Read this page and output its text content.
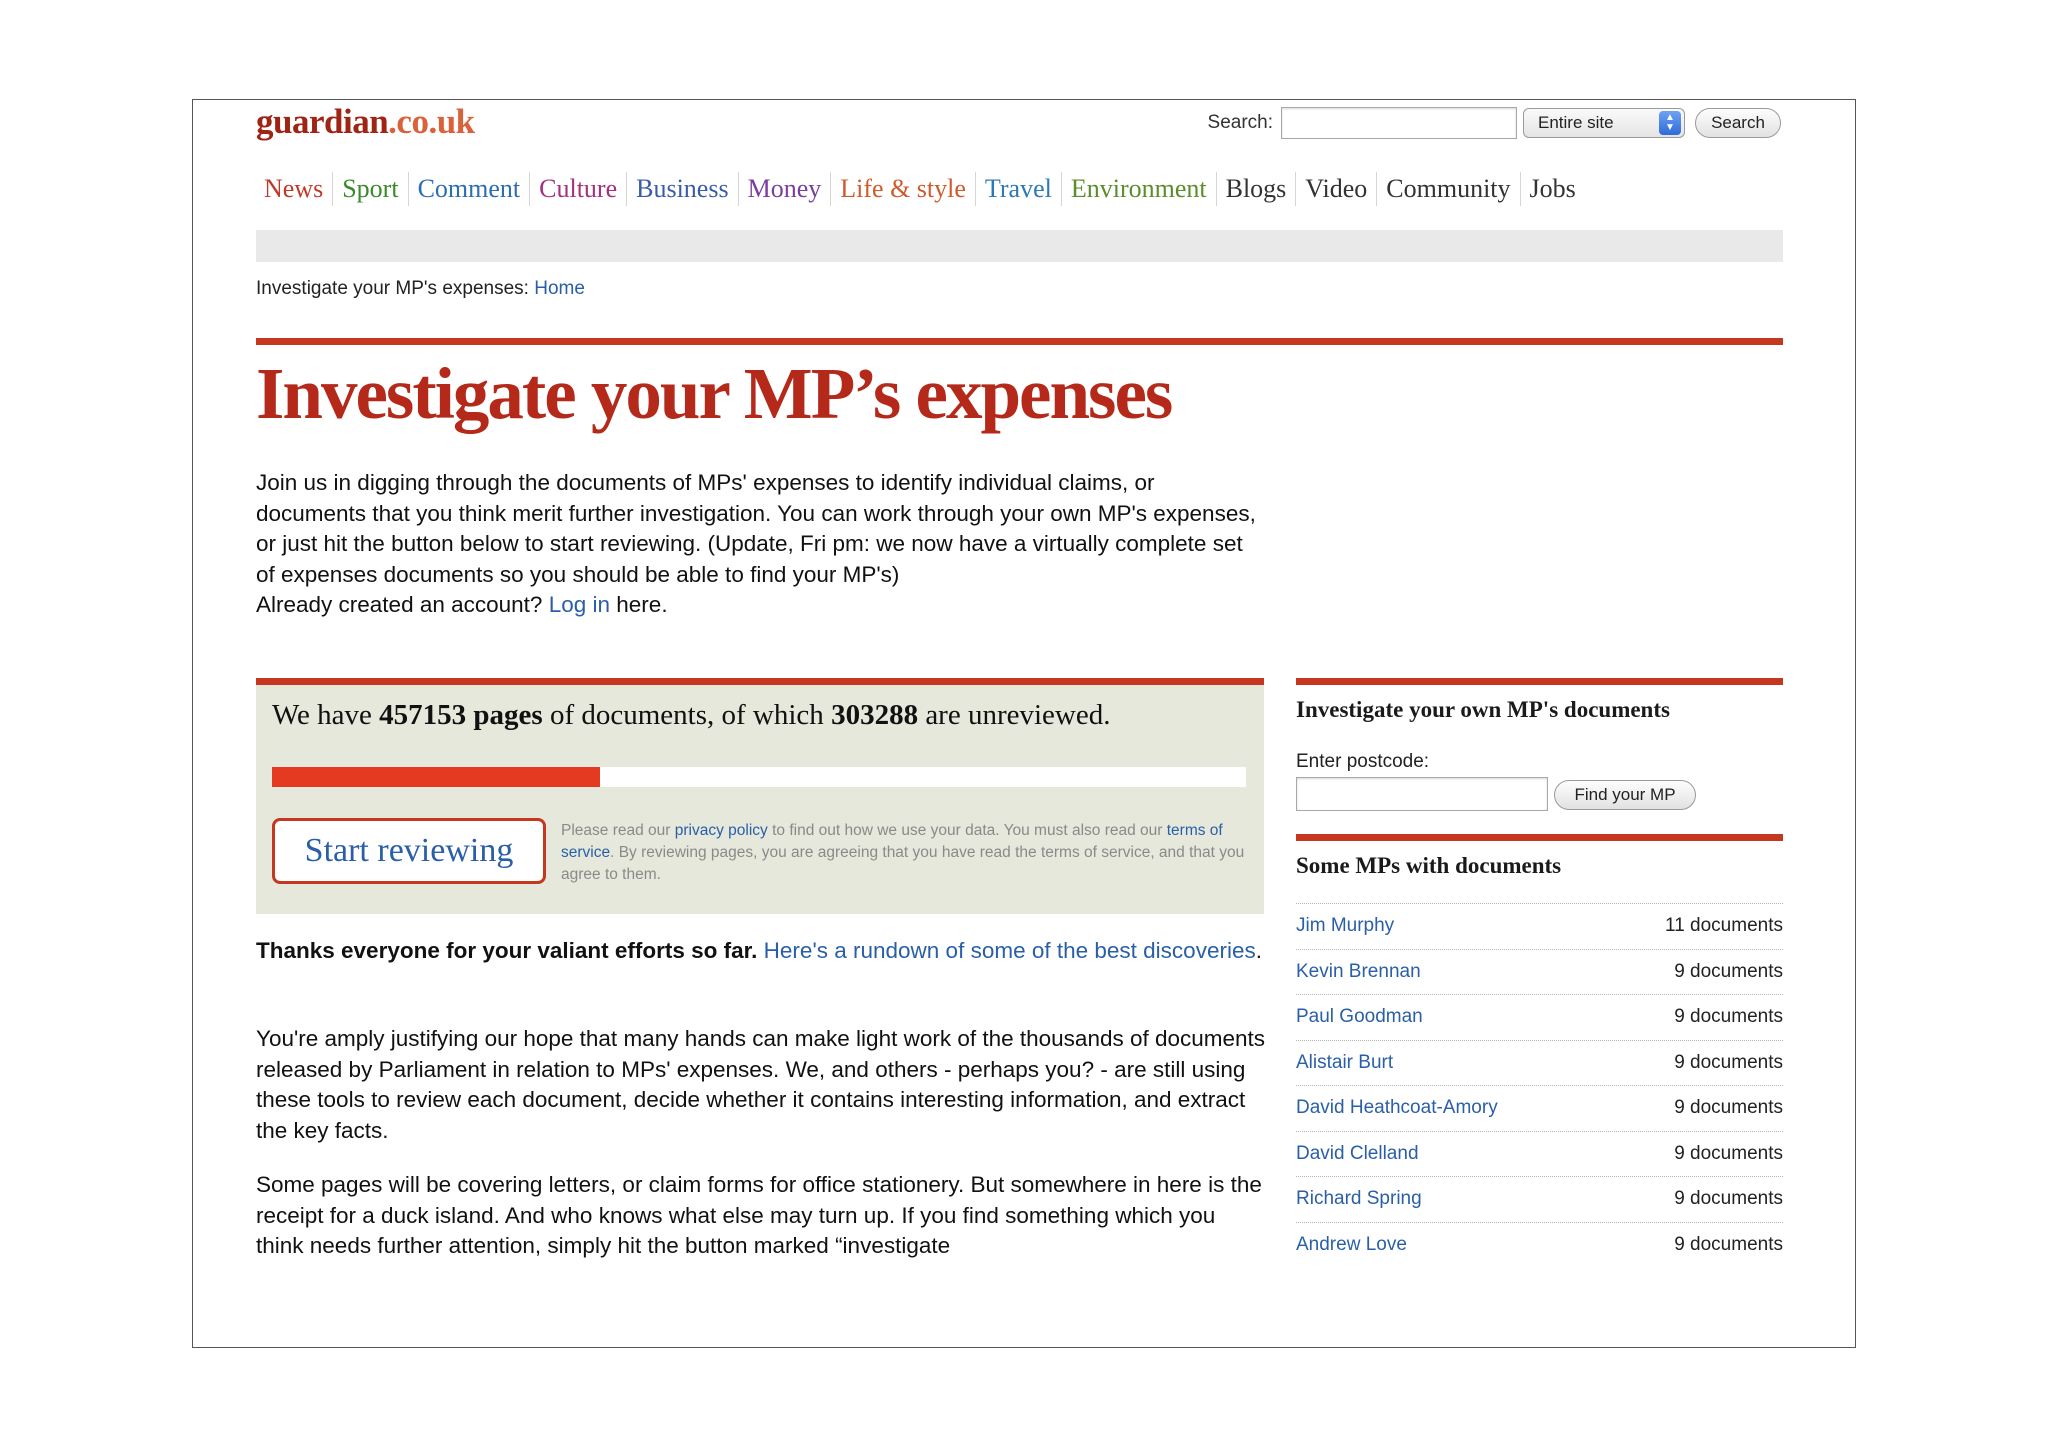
guardian.co.uk	Search:	Entire site	▲
▼	Search
News Sport Comment Culture Business Money Life & style Travel Environment Blogs Video Community Jobs
Investigate your MP's expenses: Home
Investigate your MP’s expenses

Join us in digging through the documents of MPs' expenses to identify individual claims, or documents that you think merit further investigation. You can work through your own MP's expenses, or just hit the button below to start reviewing. (Update, Fri pm: we now have a virtually complete set of expenses documents so you should be able to find your MP's)
Already created an account? Log in here.

We have 457153 pages of documents, of which 303288 are unreviewed.
Start reviewing

Please read our privacy policy to find out how we use your data. You must also read our terms of service. By reviewing pages, you are agreeing that you have read the terms of service, and that you agree to them.

Thanks everyone for your valiant efforts so far. Here's a rundown of some of the best discoveries.

You're amply justifying our hope that many hands can make light work of the thousands of documents released by Parliament in relation to MPs' expenses. We, and others - perhaps you? - are still using these tools to review each document, decide whether it contains interesting information, and extract the key facts.

Some pages will be covering letters, or claim forms for office stationery. But somewhere in here is the receipt for a duck island. And who knows what else may turn up. If you find something which you think needs further attention, simply hit the button marked “investigate

Investigate your own MP's documents
Enter postcode:
Find your MP
Some MPs with documents
Jim Murphy	11 documents
Kevin Brennan	9 documents
Paul Goodman	9 documents
Alistair Burt	9 documents
David Heathcoat-Amory	9 documents
David Clelland	9 documents
Richard Spring	9 documents
Andrew Love	9 documents
